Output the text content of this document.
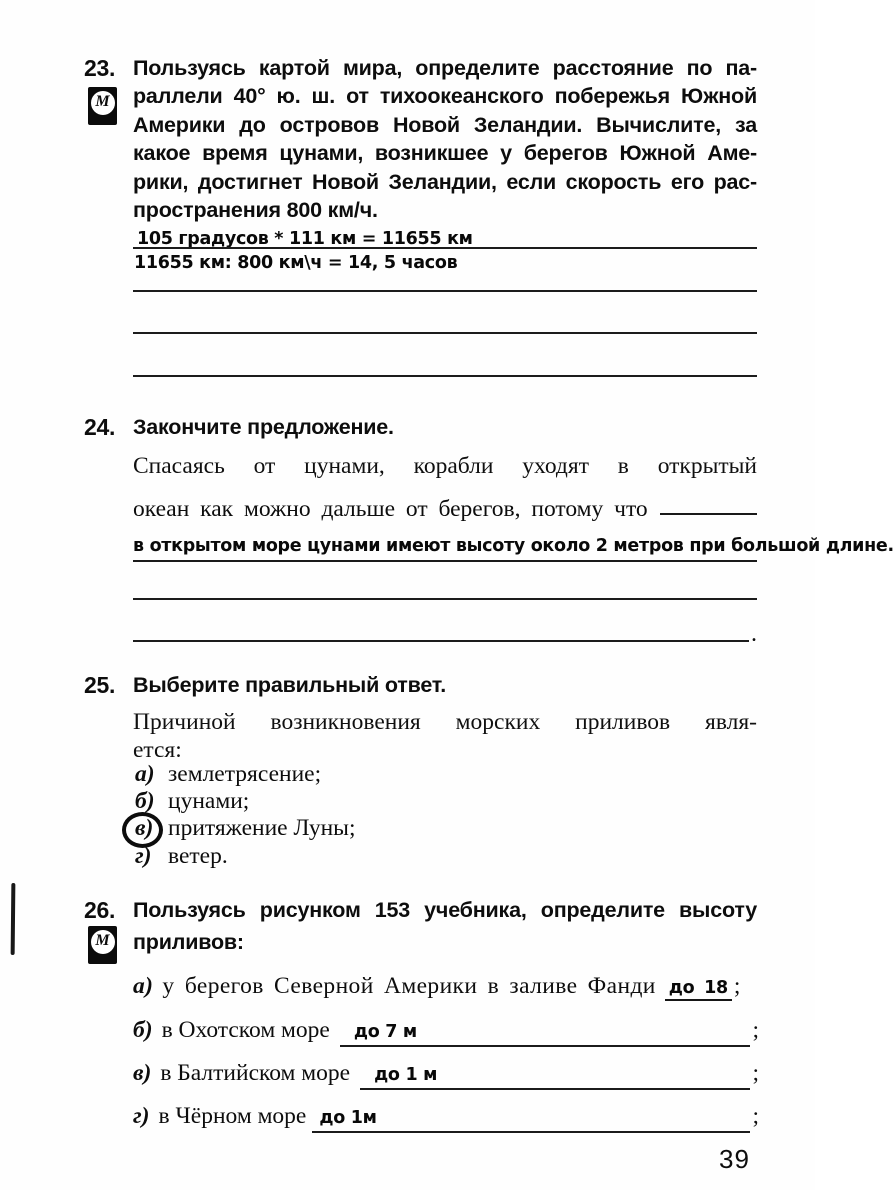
23.
М
Пользуясь картой мира, определите расстояние по па-
раллели 40° ю. ш. от тихоокеанского побережья Южной
Америки до островов Новой Зеландии. Вычислите, за
какое время цунами, возникшее у берегов Южной Аме-
рики, достигнет Новой Зеландии, если скорость его рас-
пространения 800 км/ч.
105 градусов * 111 км = 11655 км
11655 км: 800 км\ч = 14, 5 часов
24. Закончите предложение.
Спасаясь от цунами, корабли уходят в открытый
океан как можно дальше от берегов, потому что
в открытом море цунами имеют высоту около 2 метров при большой длине.
.
25. Выберите правильный ответ.
Причиной возникновения морских приливов явля-
ется:
а) землетрясение;
б) цунами;
в) притяжение Луны;
г) ветер.
26. Пользуясь рисунком 153 учебника, определите высоту
приливов:
М
а) у берегов Северной Америки в заливе Фанди до 18 ;
б) в Охотском море	до 7 м	;
в) в Балтийском море	до 1 м	;
г) в Чёрном море до 1м	;
39
